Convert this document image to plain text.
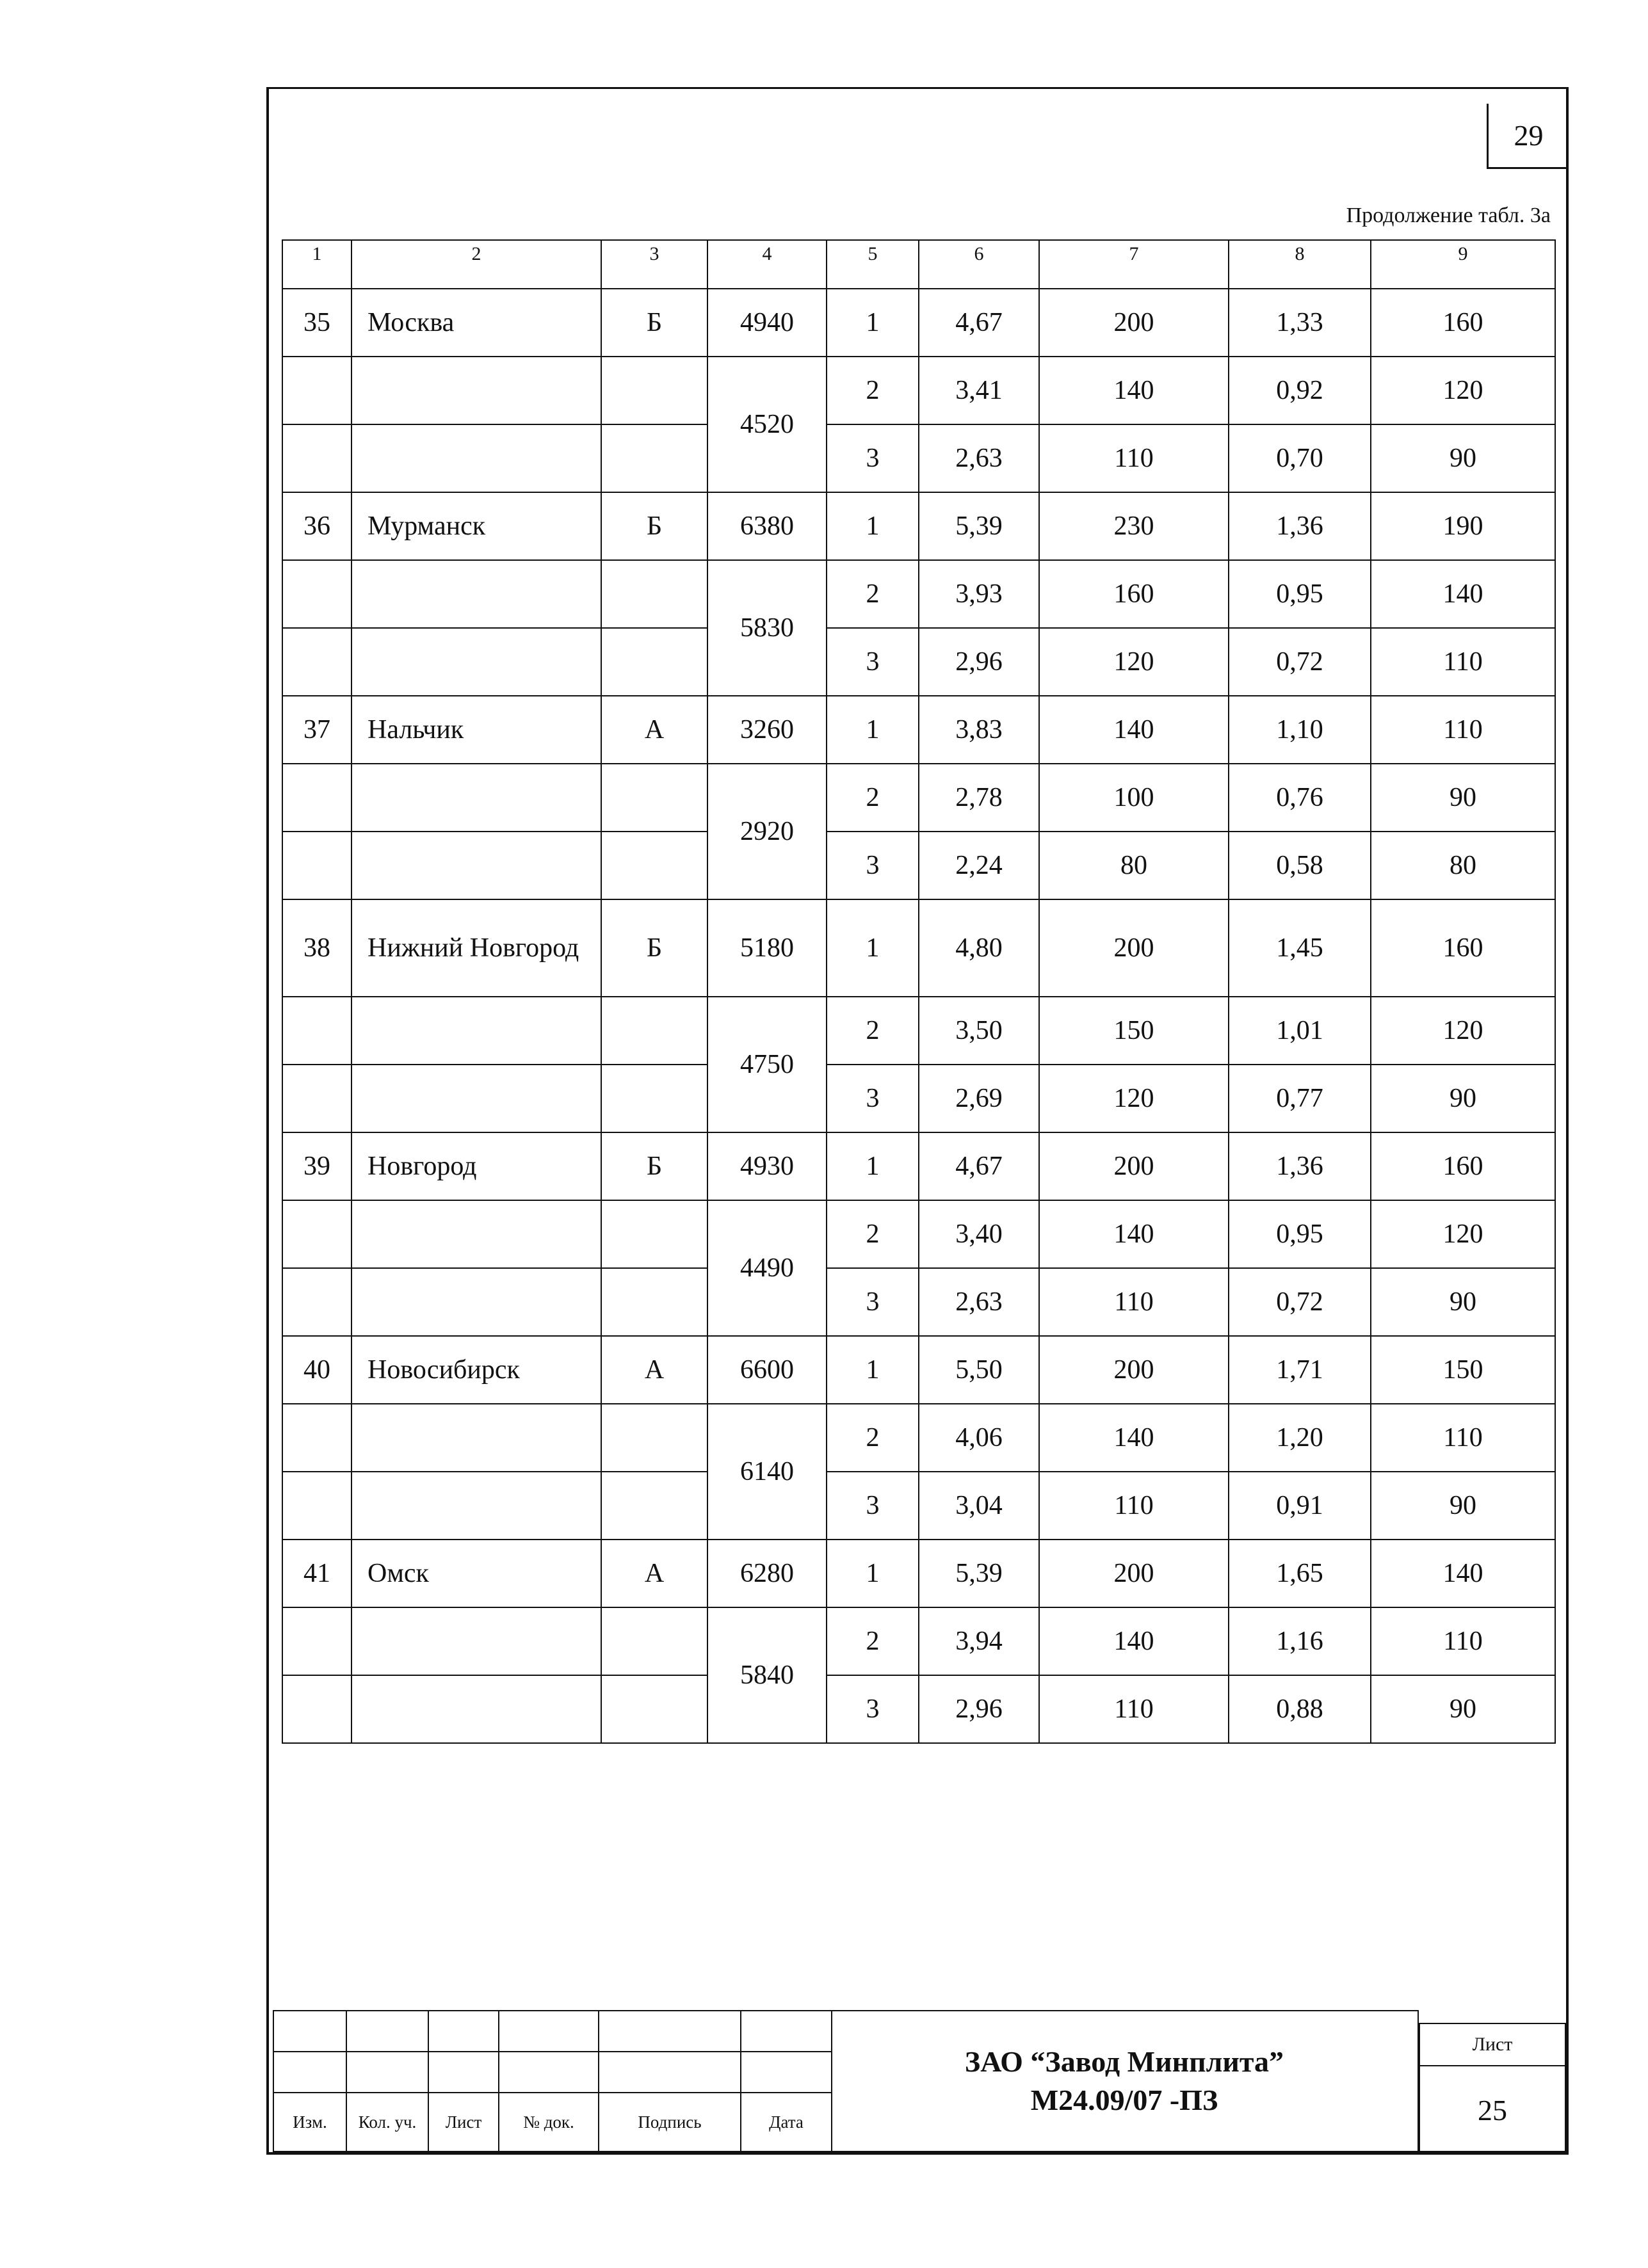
29
Продолжение табл. 3а
1	2	3	4	5	6	7	8	9
35	Москва	Б	4940	1	4,67	200	1,33	160
			4520	2	3,41	140	0,92	120
				3	2,63	110	0,70	90
36	Мурманск	Б	6380	1	5,39	230	1,36	190
			5830	2	3,93	160	0,95	140
				3	2,96	120	0,72	110
37	Нальчик	А	3260	1	3,83	140	1,10	110
			2920	2	2,78	100	0,76	90
				3	2,24	80	0,58	80
38	Нижний Новгород	Б	5180	1	4,80	200	1,45	160
			4750	2	3,50	150	1,01	120
				3	2,69	120	0,77	90
39	Новгород	Б	4930	1	4,67	200	1,36	160
			4490	2	3,40	140	0,95	120
				3	2,63	110	0,72	90
40	Новосибирск	А	6600	1	5,50	200	1,71	150
			6140	2	4,06	140	1,20	110
				3	3,04	110	0,91	90
41	Омск	А	6280	1	5,39	200	1,65	140
			5840	2	3,94	140	1,16	110
				3	2,96	110	0,88	90

Изм.	Кол. уч.	Лист	№ док.	Подпись	Дата
ЗАО “Завод Минплита”
М24.09/07 -ПЗ
Лист
25
